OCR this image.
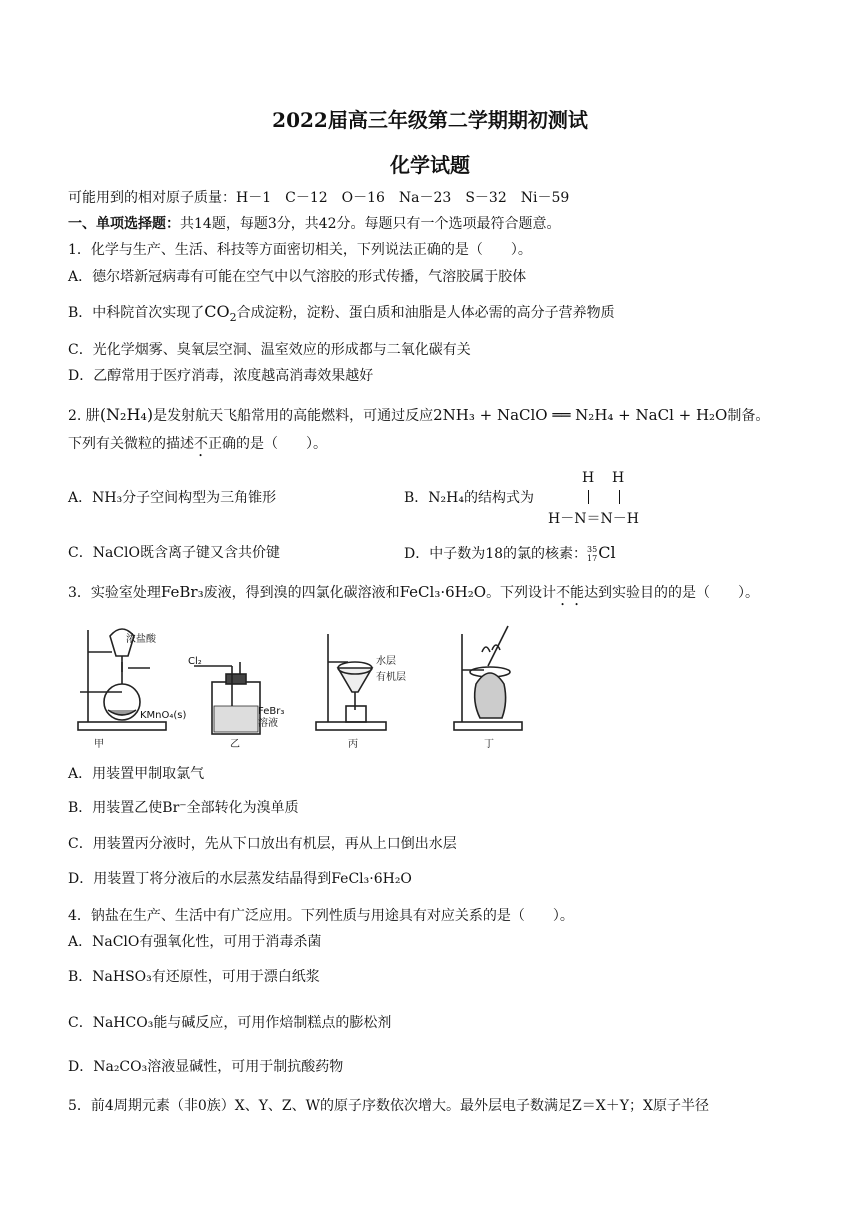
2022届高三年级第二学期期初测试
化学试题
可能用到的相对原子质量：H－1　C－12　O－16　Na－23　S－32　Ni－59
一、单项选择题：共14题，每题3分，共42分。每题只有一个选项最符合题意。
1．化学与生产、生活、科技等方面密切相关，下列说法正确的是（　　）。
A．德尔塔新冠病毒有可能在空气中以气溶胶的形式传播，气溶胶属于胶体
B．中科院首次实现了$CO_2$合成淀粉，淀粉、蛋白质和油脂是人体必需的高分子营养物质
C．光化学烟雾、臭氧层空洞、温室效应的形成都与二氧化碳有关
D．乙醇常用于医疗消毒，浓度越高消毒效果越好
2. 肼(N₂H₄)是发射航天飞船常用的高能燃料，可通过反应2NH₃ + NaClO ══ N₂H₄ + NaCl + H₂O制备。
下列有关微粒的描述不正确的是（　　）。
A．NH₃分子空间构型为三角锥形	B．N₂H₄的结构式为
H H
H－N＝N－H
C．NaClO既含离子键又含共价键	D．中子数为18的氯的核素： 35
17 Cl
3．实验室处理FeBr₃废液，得到溴的四氯化碳溶液和FeCl₃·6H₂O。下列设计不能达到实验目的的是（　　）。
浓盐酸
KMnO₄(s)
Cl₂
FeBr₃
溶液
水层
有机层
甲	乙	丙	丁
A．用装置甲制取氯气
B．用装置乙使Br⁻全部转化为溴单质
C．用装置丙分液时，先从下口放出有机层，再从上口倒出水层
D．用装置丁将分液后的水层蒸发结晶得到FeCl₃·6H₂O
4．钠盐在生产、生活中有广泛应用。下列性质与用途具有对应关系的是（　　）。
A．NaClO有强氧化性，可用于消毒杀菌
B．NaHSO₃有还原性，可用于漂白纸浆
C．NaHCO₃能与碱反应，可用作焙制糕点的膨松剂
D．Na₂CO₃溶液显碱性，可用于制抗酸药物
5．前4周期元素（非0族）X、Y、Z、W的原子序数依次增大。最外层电子数满足Z＝X＋Y；X原子半径
